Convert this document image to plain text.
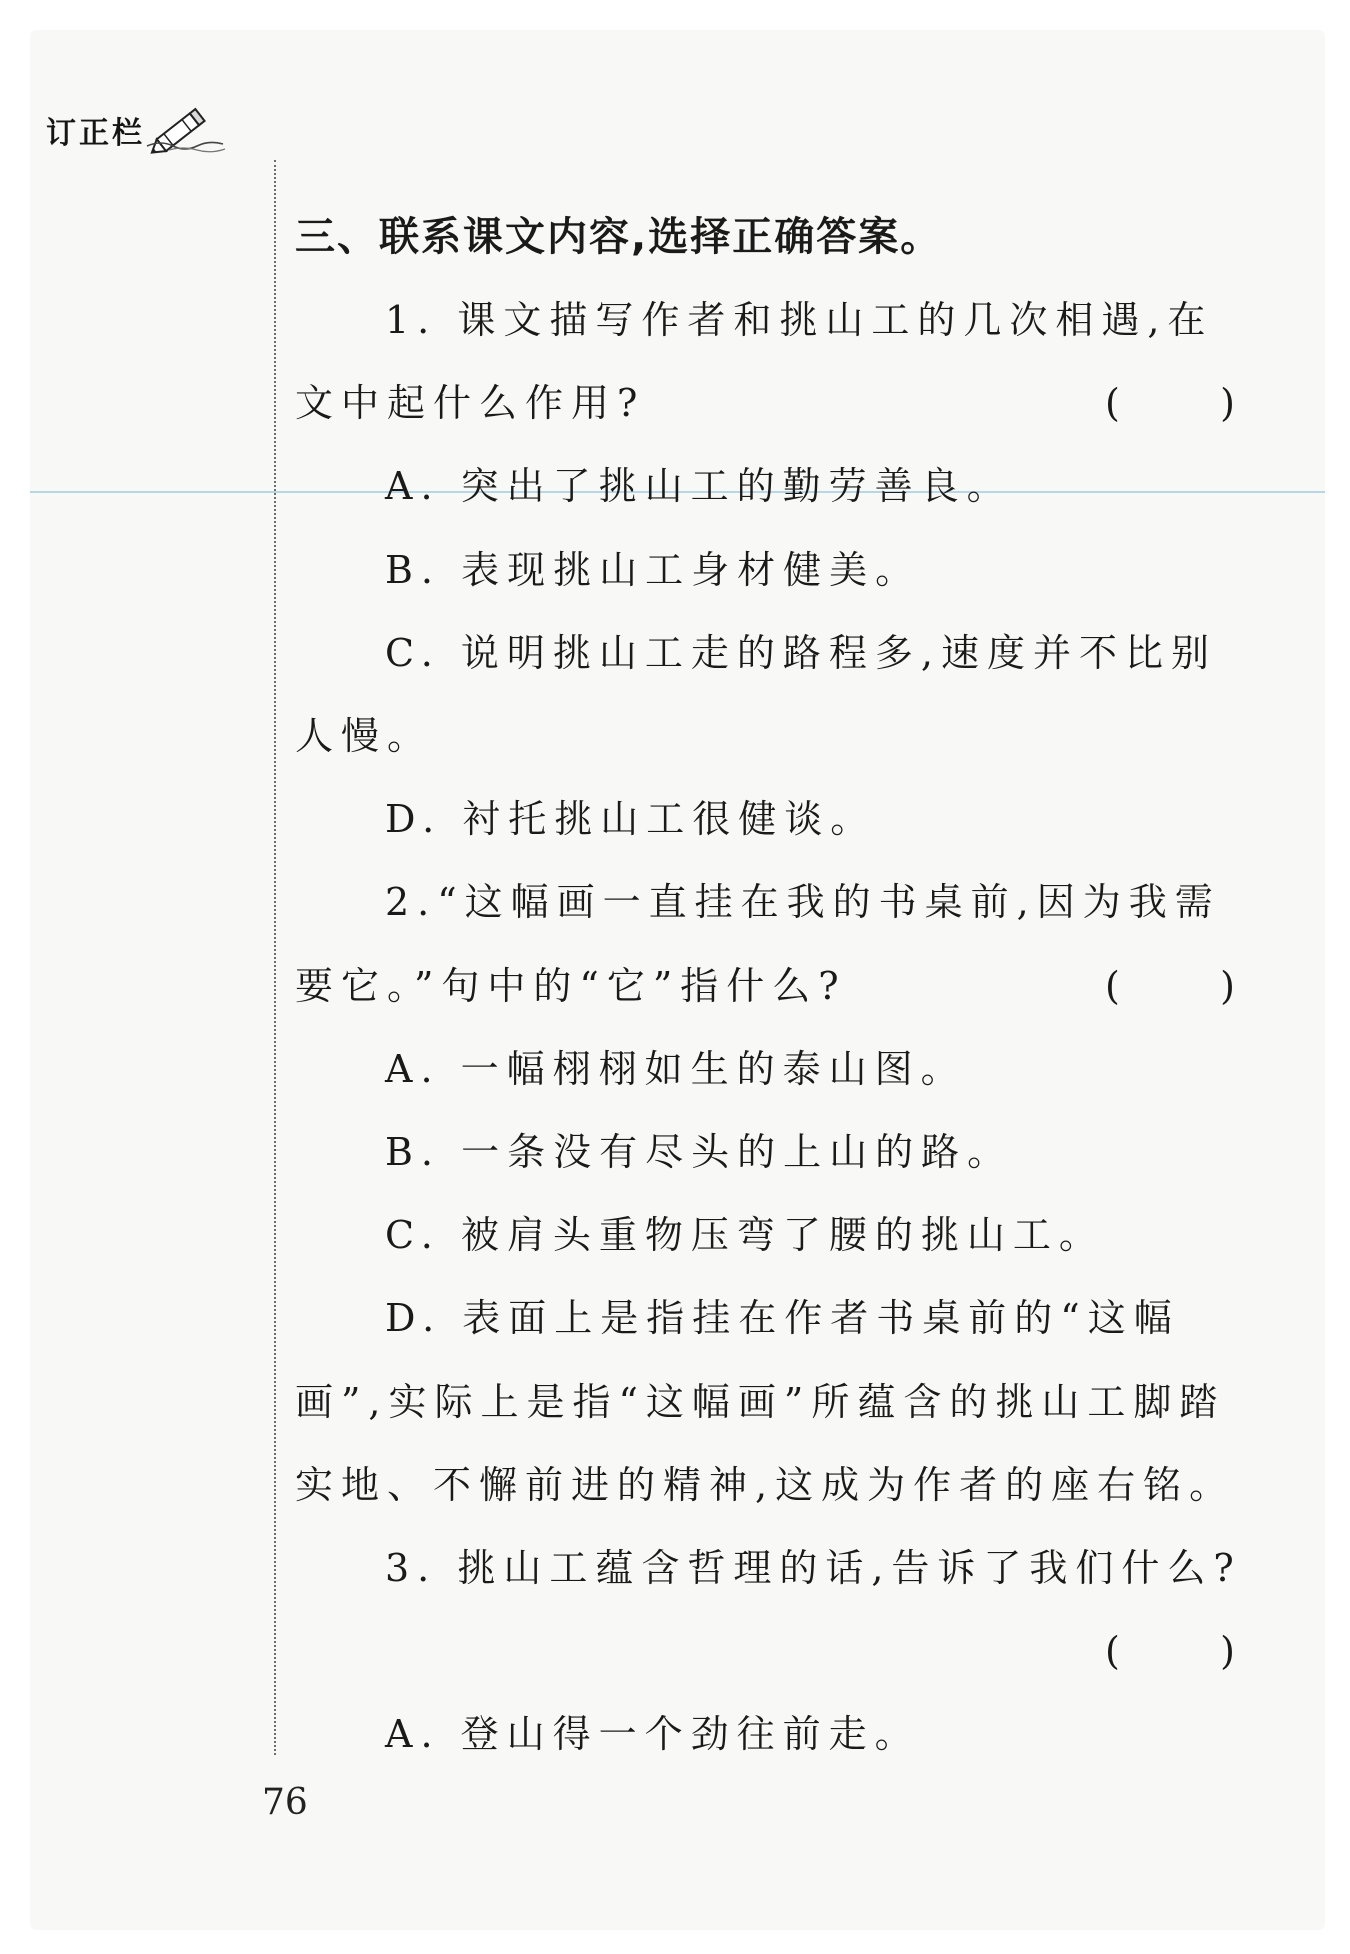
订正栏
三、联系课文内容,选择正确答案。
1. 课文描写作者和挑山工的几次相遇,在
文中起什么作用?	(	)
A. 突出了挑山工的勤劳善良。
B. 表现挑山工身材健美。
C. 说明挑山工走的路程多,速度并不比别
人慢。
D. 衬托挑山工很健谈。
2.“这幅画一直挂在我的书桌前,因为我需
要它。”句中的“它”指什么?	(	)
A. 一幅栩栩如生的泰山图。
B. 一条没有尽头的上山的路。
C. 被肩头重物压弯了腰的挑山工。
D. 表面上是指挂在作者书桌前的“这幅
画”,实际上是指“这幅画”所蕴含的挑山工脚踏
实地、不懈前进的精神,这成为作者的座右铭。
3. 挑山工蕴含哲理的话,告诉了我们什么?
(	)
A. 登山得一个劲往前走。
76
